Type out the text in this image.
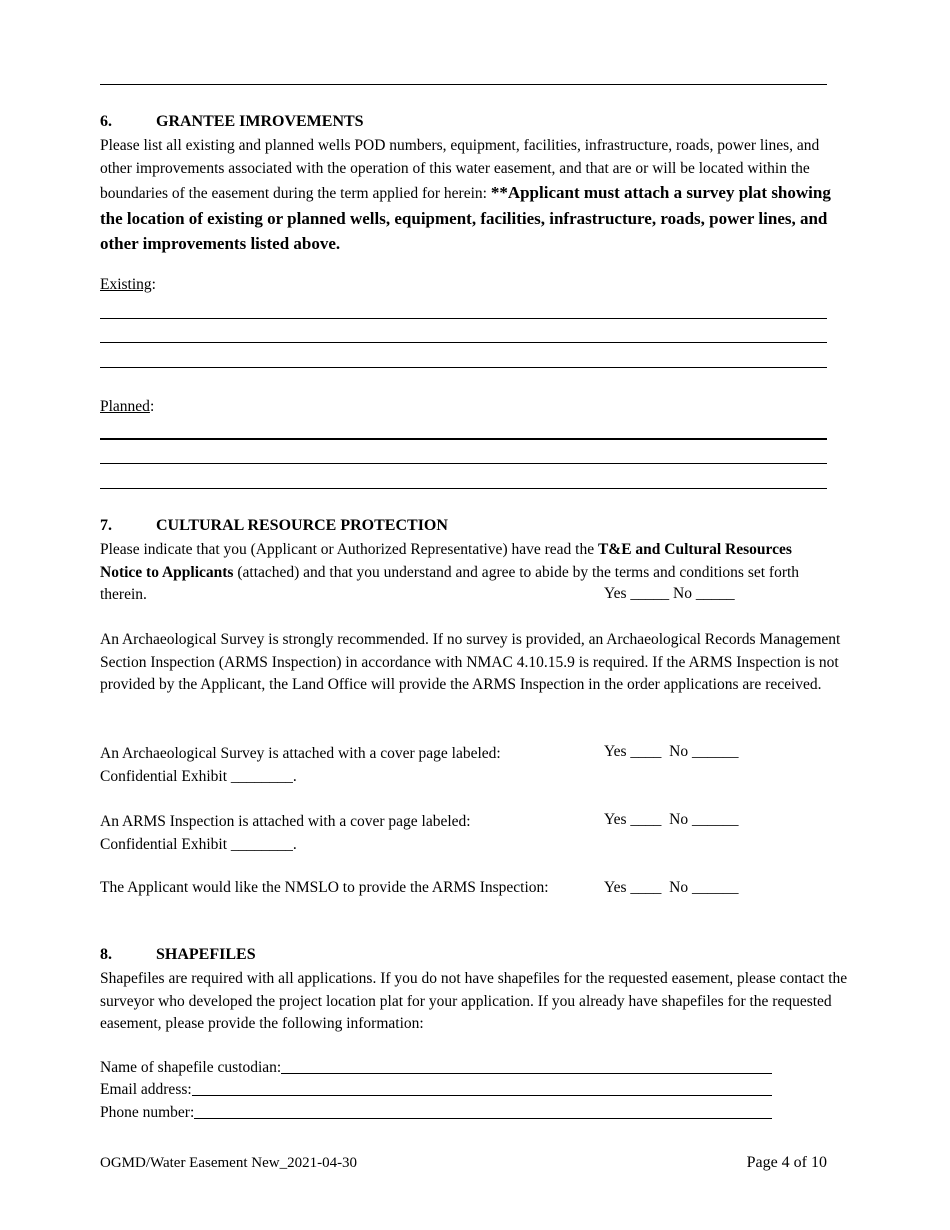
6.	GRANTEE IMROVEMENTS
Please list all existing and planned wells POD numbers, equipment, facilities, infrastructure, roads, power lines, and other improvements associated with the operation of this water easement, and that are or will be located within the boundaries of the easement during the term applied for herein: **Applicant must attach a survey plat showing the location of existing or planned wells, equipment, facilities, infrastructure, roads, power lines, and other improvements listed above.
Existing:
Planned:
7.	CULTURAL RESOURCE PROTECTION
Please indicate that you (Applicant or Authorized Representative) have read the T&E and Cultural Resources Notice to Applicants (attached) and that you understand and agree to abide by the terms and conditions set forth therein.	Yes _____ No _____
An Archaeological Survey is strongly recommended. If no survey is provided, an Archaeological Records Management Section Inspection (ARMS Inspection) in accordance with NMAC 4.10.15.9 is required. If the ARMS Inspection is not provided by the Applicant, the Land Office will provide the ARMS Inspection in the order applications are received.
An Archaeological Survey is attached with a cover page labeled:
Confidential Exhibit ________.
Yes ____  No ______
An ARMS Inspection is attached with a cover page labeled:
Confidential Exhibit ________.
Yes ____  No ______
The Applicant would like the NMSLO to provide the ARMS Inspection:	Yes ____  No ______
8.	SHAPEFILES
Shapefiles are required with all applications. If you do not have shapefiles for the requested easement, please contact the surveyor who developed the project location plat for your application. If you already have shapefiles for the requested easement, please provide the following information:
Name of shapefile custodian:
Email address:
Phone number:
OGMD/Water Easement New_2021-04-30	Page 4 of 10
